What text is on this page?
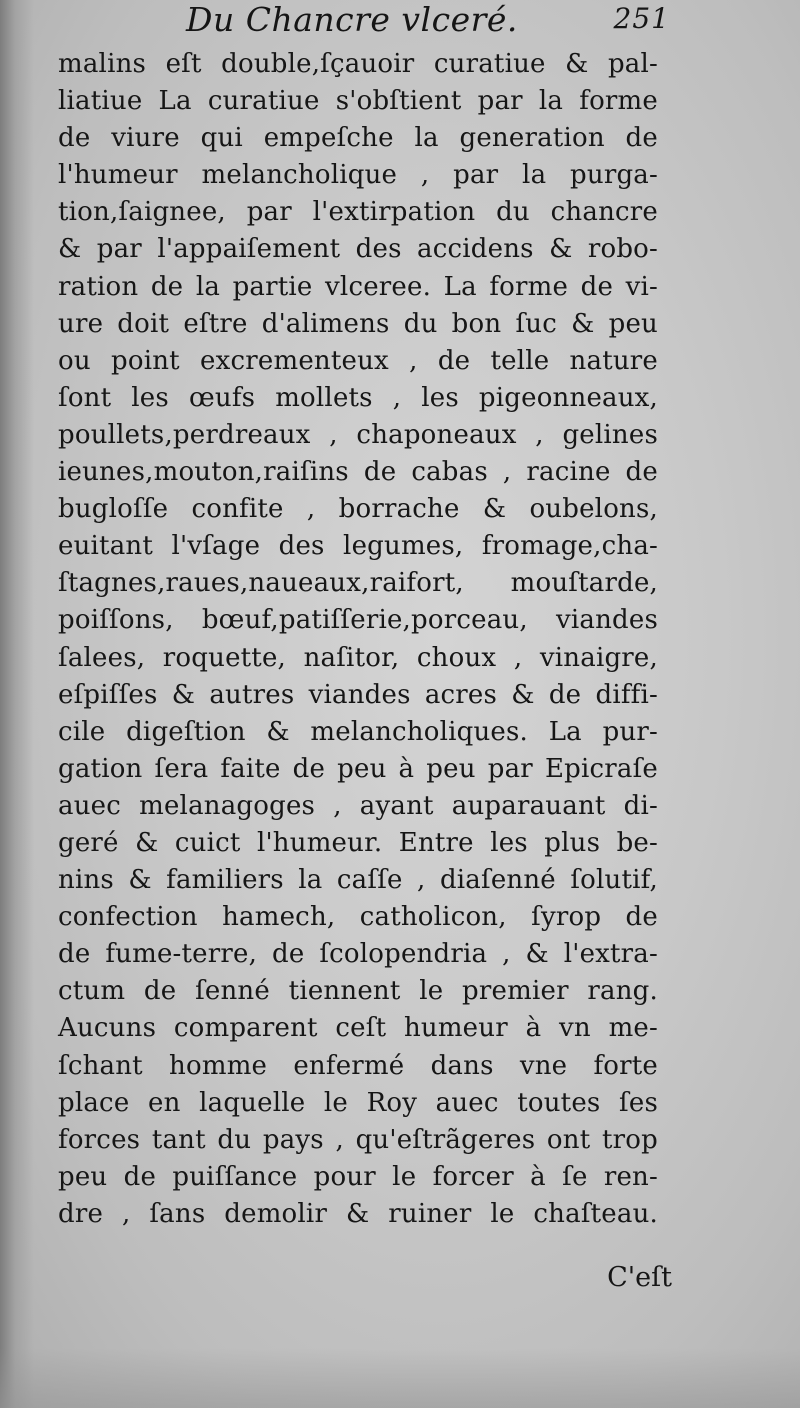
Du Chancre vlceré.	251
malins eſt double,ſçauoir curatiue & pal-
liatiue La curatiue s'obſtient par la forme
de viure qui empeſche la generation de
l'humeur melancholique , par la purga-
tion,ſaignee, par l'extirpation du chancre
& par l'appaiſement des accidens & robo-
ration de la partie vlceree. La forme de vi-
ure doit eſtre d'alimens du bon ſuc & peu
ou point excrementeux , de telle nature
ſont les œufs mollets , les pigeonneaux,
poullets,perdreaux , chaponeaux , gelines
ieunes,mouton,raiſins de cabas , racine de
bugloſſe confite , borrache & oubelons,
euitant l'vſage des legumes, fromage,cha-
ſtagnes,raues,naueaux,raifort, mouſtarde,
poiſſons, bœuf,patiſſerie,porceau, viandes
ſalees, roquette, naſitor, choux , vinaigre,
eſpiſſes & autres viandes acres & de diffi-
cile digeſtion & melancholiques. La pur-
gation ſera faite de peu à peu par Epicraſe
auec melanagoges , ayant auparauant di-
geré & cuict l'humeur. Entre les plus be-
nins & familiers la caſſe , diaſenné ſolutif,
confection hamech, catholicon, ſyrop de
de fume-terre, de ſcolopendria , & l'extra-
ctum de ſenné tiennent le premier rang.
Aucuns comparent ceſt humeur à vn me-
ſchant homme enfermé dans vne forte
place en laquelle le Roy auec toutes ſes
forces tant du pays , qu'eſtrãgeres ont trop
peu de puiſſance pour le forcer à ſe ren-
dre , ſans demolir & ruiner le chaſteau.
C'eſt
